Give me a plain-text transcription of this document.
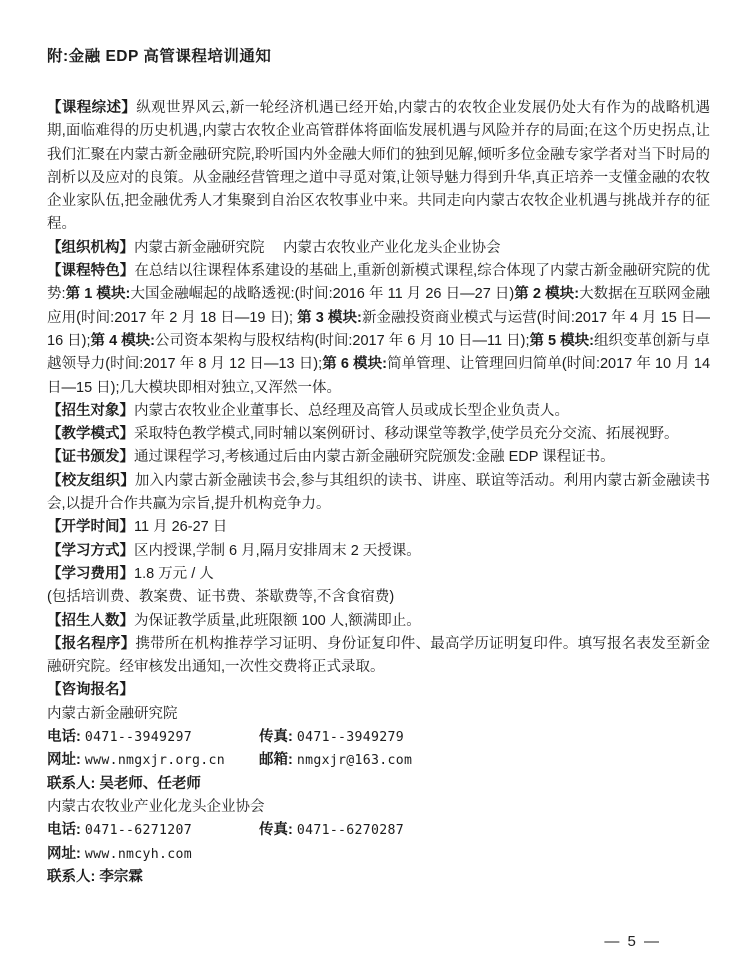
附:金融 EDP 高管课程培训通知

【课程综述】纵观世界风云,新一轮经济机遇已经开始,内蒙古的农牧企业发展仍处大有作为的战略机遇期,面临难得的历史机遇,内蒙古农牧企业高管群体将面临发展机遇与风险并存的局面;在这个历史拐点,让我们汇聚在内蒙古新金融研究院,聆听国内外金融大师们的独到见解,倾听多位金融专家学者对当下时局的剖析以及应对的良策。从金融经营管理之道中寻觅对策,让领导魅力得到升华,真正培养一支懂金融的农牧企业家队伍,把金融优秀人才集聚到自治区农牧事业中来。共同走向内蒙古农牧企业机遇与挑战并存的征程。

【组织机构】内蒙古新金融研究院　 内蒙古农牧业产业化龙头企业协会

【课程特色】在总结以往课程体系建设的基础上,重新创新模式课程,综合体现了内蒙古新金融研究院的优势:第 1 模块:大国金融崛起的战略透视:(时间:2016 年 11 月 26 日—27 日)第 2 模块:大数据在互联网金融应用(时间:2017 年 2 月 18 日—19 日); 第 3 模块:新金融投资商业模式与运营(时间:2017 年 4 月 15 日—16 日);第 4 模块:公司资本架构与股权结构(时间:2017 年 6 月 10 日—11 日);第 5 模块:组织变革创新与卓越领导力(时间:2017 年 8 月 12 日—13 日);第 6 模块:简单管理、让管理回归简单(时间:2017 年 10 月 14 日—15 日);几大模块即相对独立,又浑然一体。

【招生对象】内蒙古农牧业企业董事长、总经理及高管人员或成长型企业负责人。

【教学模式】采取特色教学模式,同时辅以案例研讨、移动课堂等教学,使学员充分交流、拓展视野。

【证书颁发】通过课程学习,考核通过后由内蒙古新金融研究院颁发:金融 EDP 课程证书。

【校友组织】加入内蒙古新金融读书会,参与其组织的读书、讲座、联谊等活动。利用内蒙古新金融读书会,以提升合作共赢为宗旨,提升机构竞争力。

【开学时间】11 月 26-27 日

【学习方式】区内授课,学制 6 月,隔月安排周末 2 天授课。

【学习费用】1.8 万元 / 人

(包括培训费、教案费、证书费、茶歇费等,不含食宿费)

【招生人数】为保证教学质量,此班限额 100 人,额满即止。

【报名程序】携带所在机构推荐学习证明、身份证复印件、最高学历证明复印件。填写报名表发至新金融研究院。经审核发出通知,一次性交费将正式录取。

【咨询报名】

内蒙古新金融研究院

电话: 0471--3949297	传真: 0471--3949279
网址: www.nmgxjr.org.cn	邮箱: nmgxjr@163.com
联系人: 吴老师、任老师

内蒙古农牧业产业化龙头企业协会

电话: 0471--6271207	传真: 0471--6270287
网址: www.nmcyh.com
联系人: 李宗霖
— 5 —
